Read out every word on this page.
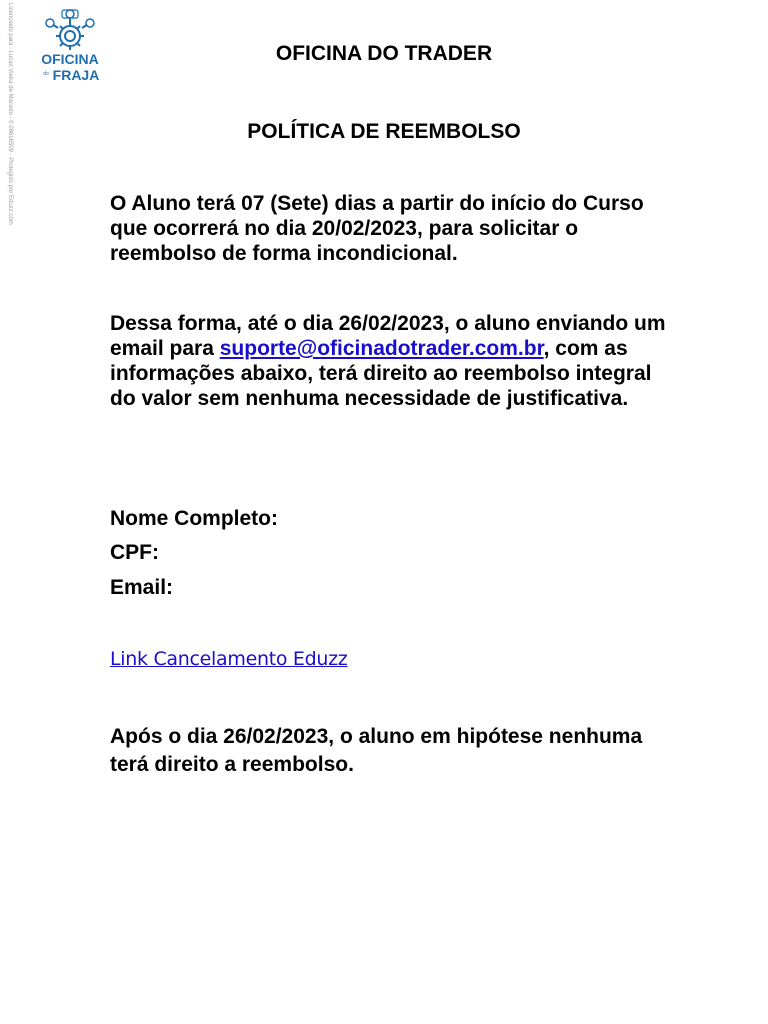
Licenciado para - Lucas Vieira de Macedo - 0 08616509 - Protegido por Eduzz.com OFICINA
do FRAJA
OFICINA DO TRADER
POLÍTICA DE REEMBOLSO

O Aluno terá 07 (Sete) dias a partir do início do Curso que ocorrerá no dia 20/02/2023, para solicitar o reembolso de forma incondicional.

Dessa forma, até o dia 26/02/2023, o aluno enviando um email para suporte@oficinadotrader.com.br, com as informações abaixo, terá direito ao reembolso integral do valor sem nenhuma necessidade de justificativa.

Nome Completo:

CPF:

Email:

Link Cancelamento Eduzz

Após o dia 26/02/2023, o aluno em hipótese nenhuma terá direito a reembolso.
